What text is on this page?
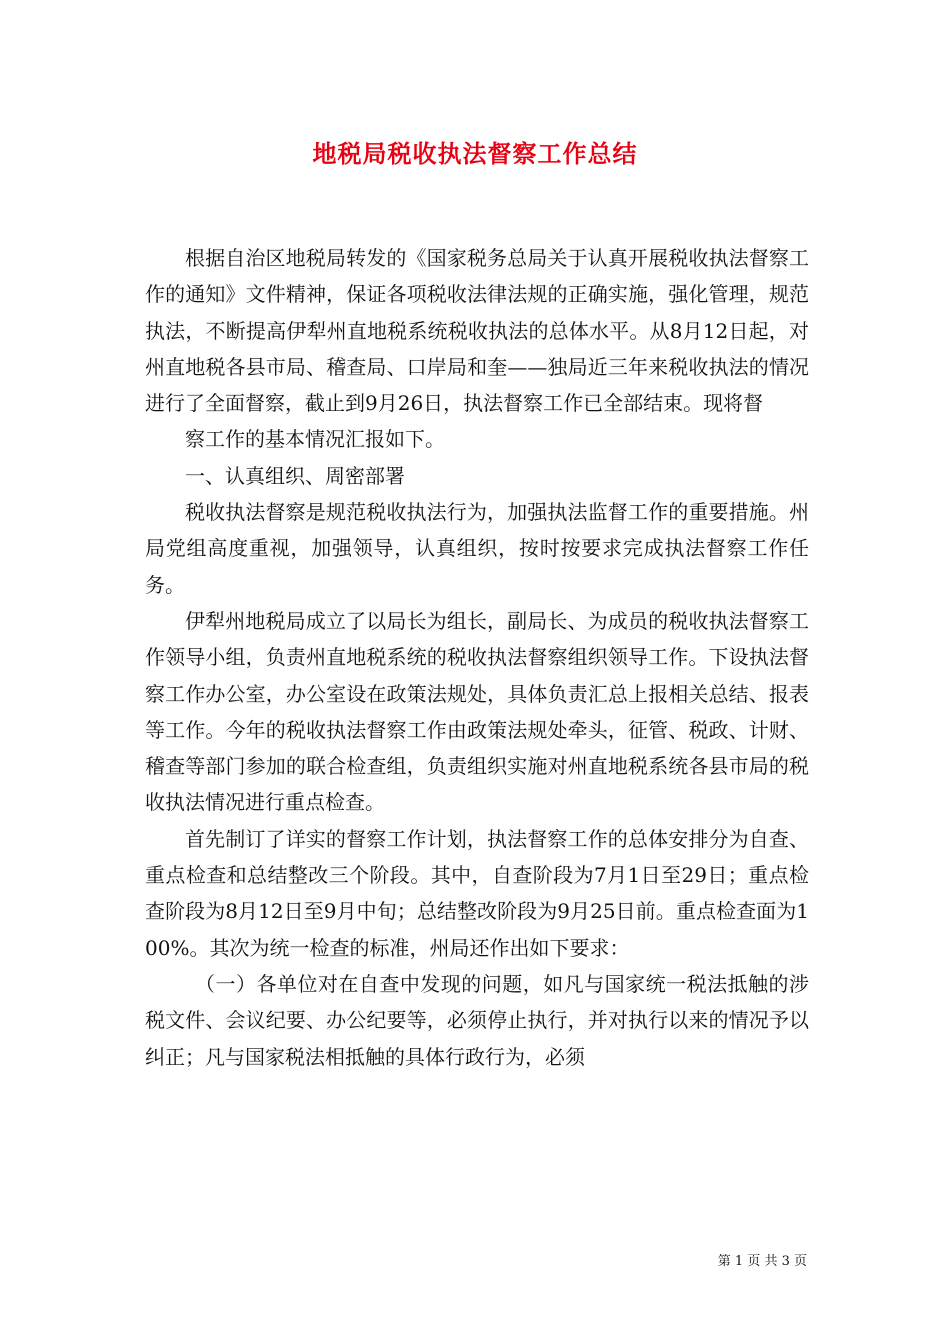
地税局税收执法督察工作总结

根据自治区地税局转发的《国家税务总局关于认真开展税收执法督察工作的通知》文件精神，保证各项税收法律法规的正确实施，强化管理，规范执法，不断提高伊犁州直地税系统税收执法的总体水平。从8月12日起，对州直地税各县市局、稽查局、口岸局和奎——独局近三年来税收执法的情况进行了全面督察，截止到9月26日，执法督察工作已全部结束。现将督

察工作的基本情况汇报如下。

一、认真组织、周密部署

税收执法督察是规范税收执法行为，加强执法监督工作的重要措施。州局党组高度重视，加强领导，认真组织，按时按要求完成执法督察工作任务。

伊犁州地税局成立了以局长为组长，副局长、为成员的税收执法督察工作领导小组，负责州直地税系统的税收执法督察组织领导工作。下设执法督察工作办公室，办公室设在政策法规处，具体负责汇总上报相关总结、报表等工作。今年的税收执法督察工作由政策法规处牵头，征管、税政、计财、稽查等部门参加的联合检查组，负责组织实施对州直地税系统各县市局的税收执法情况进行重点检查。

首先制订了详实的督察工作计划，执法督察工作的总体安排分为自查、重点检查和总结整改三个阶段。其中，自查阶段为7月1日至29日；重点检查阶段为8月12日至9月中旬；总结整改阶段为9月25日前。重点检查面为100%。其次为统一检查的标准，州局还作出如下要求：

（一）各单位对在自查中发现的问题，如凡与国家统一税法抵触的涉税文件、会议纪要、办公纪要等，必须停止执行，并对执行以来的情况予以纠正；凡与国家税法相抵触的具体行政行为，必须

第 1 页 共 3 页
